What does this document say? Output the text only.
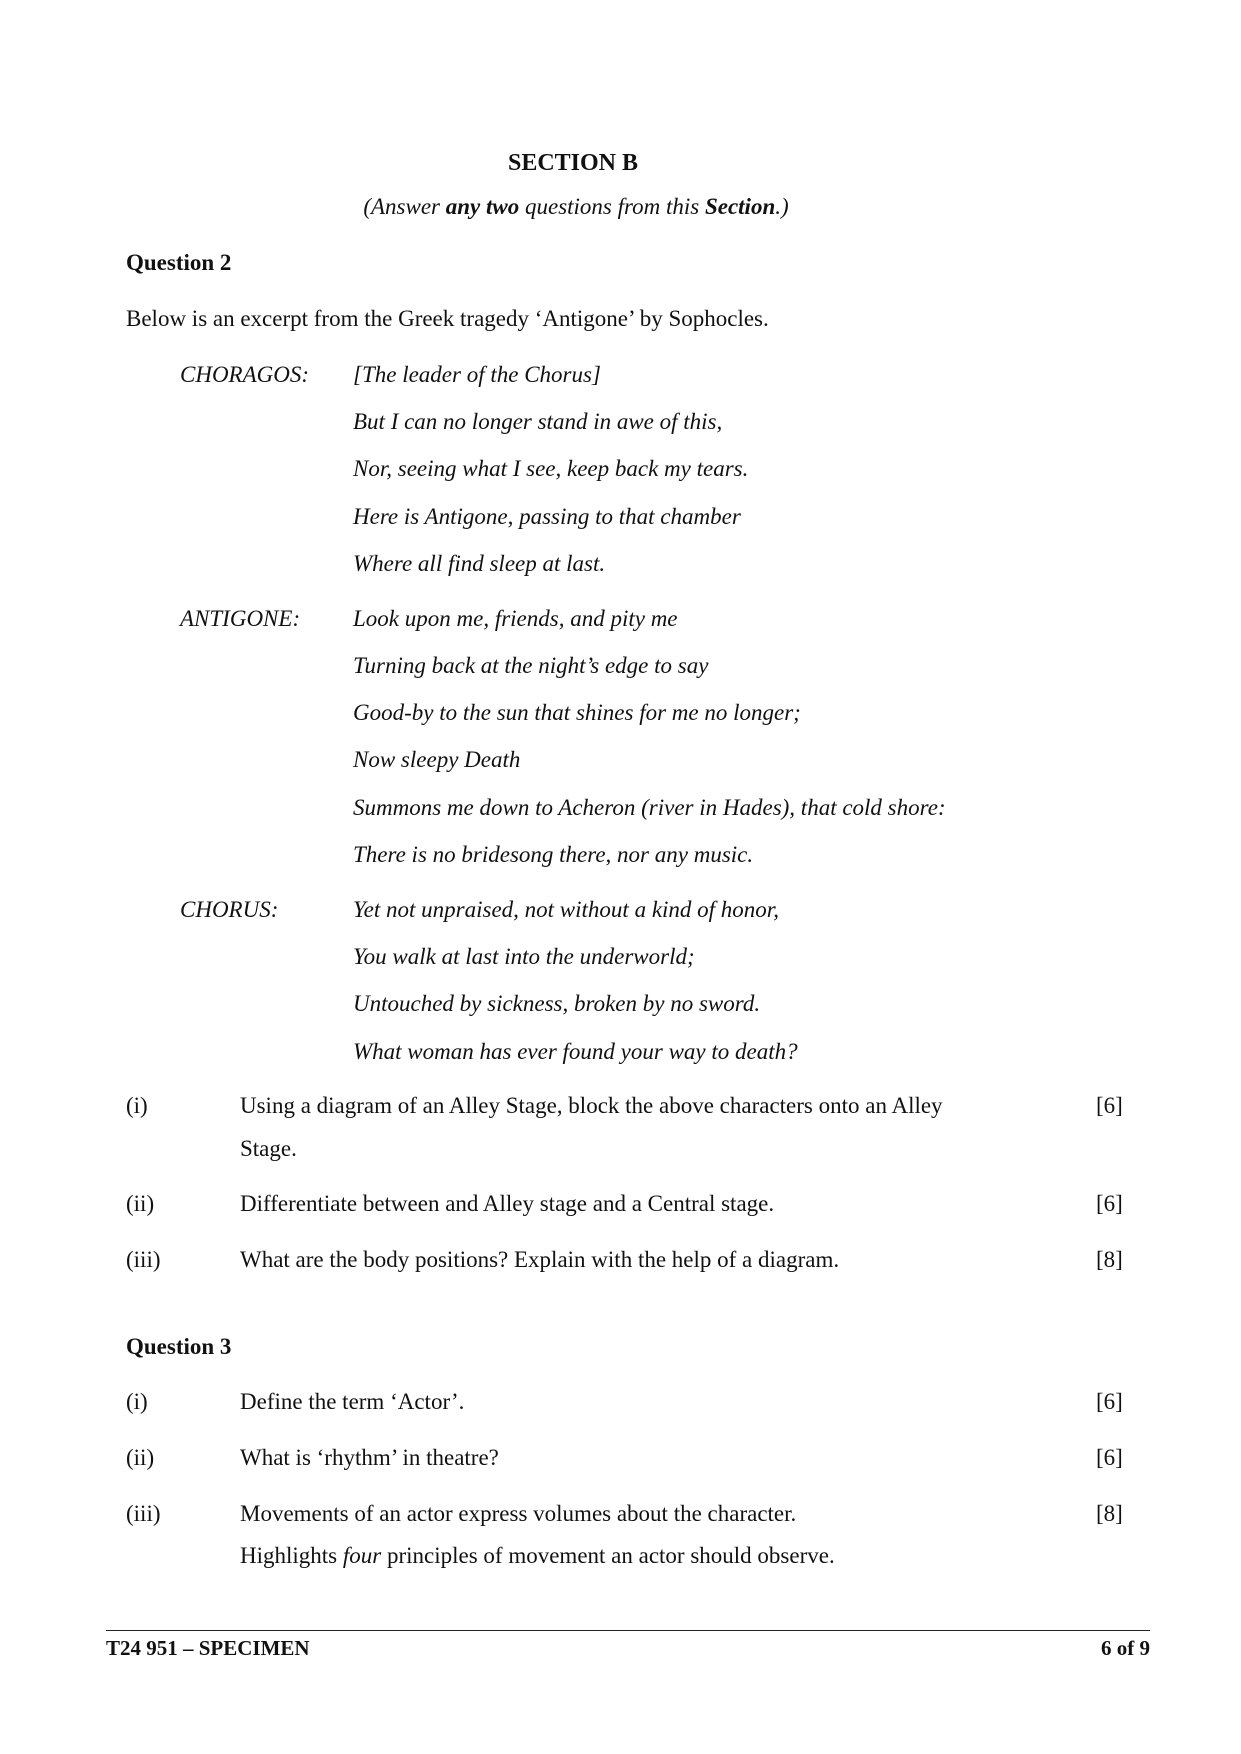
SECTION B
(Answer any two questions from this Section.)
Question 2
Below is an excerpt from the Greek tragedy ‘Antigone’ by Sophocles.
CHORAGOS: [The leader of the Chorus]
But I can no longer stand in awe of this,
Nor, seeing what I see, keep back my tears.
Here is Antigone, passing to that chamber
Where all find sleep at last.
ANTIGONE: Look upon me, friends, and pity me
Turning back at the night’s edge to say
Good-by to the sun that shines for me no longer;
Now sleepy Death
Summons me down to Acheron (river in Hades), that cold shore:
There is no bridesong there, nor any music.
CHORUS:	Yet not unpraised, not without a kind of honor,
You walk at last into the underworld;
Untouched by sickness, broken by no sword.
What woman has ever found your way to death?
(i)	Using a diagram of an Alley Stage, block the above characters onto an Alley
Stage.
[6]
(ii)	Differentiate between and Alley stage and a Central stage.	[6]
(iii)	What are the body positions? Explain with the help of a diagram.	[8]
Question 3
(i)	Define the term ‘Actor’.	[6]
(ii)	What is ‘rhythm’ in theatre?	[6]
(iii)	Movements of an actor express volumes about the character.
Highlights four principles of movement an actor should observe.
[8]
T24 951 – SPECIMEN	6 of 9
